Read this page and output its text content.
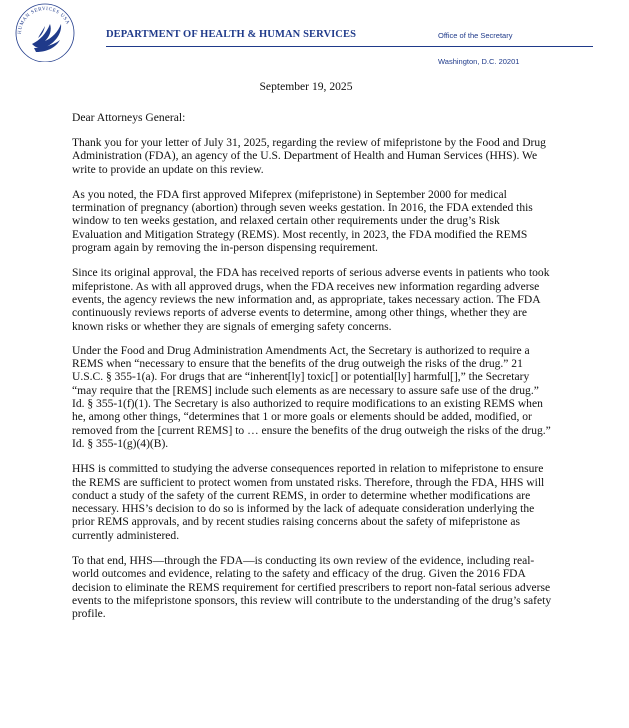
HUMAN SERVICES USA
DEPARTMENT OF HEALTH & HUMAN SERVICES	Office of the Secretary
Washington, D.C. 20201
September 19, 2025
Dear Attorneys General:

Thank you for your letter of July 31, 2025, regarding the review of mifepristone by the Food and Drug Administration (FDA), an agency of the U.S. Department of Health and Human Services (HHS). We write to provide an update on this review.

As you noted, the FDA first approved Mifeprex (mifepristone) in September 2000 for medical termination of pregnancy (abortion) through seven weeks gestation. In 2016, the FDA extended this window to ten weeks gestation, and relaxed certain other requirements under the drug’s Risk Evaluation and Mitigation Strategy (REMS). Most recently, in 2023, the FDA modified the REMS program again by removing the in-person dispensing requirement.

Since its original approval, the FDA has received reports of serious adverse events in patients who took mifepristone. As with all approved drugs, when the FDA receives new information regarding adverse events, the agency reviews the new information and, as appropriate, takes necessary action. The FDA continuously reviews reports of adverse events to determine, among other things, whether they are known risks or whether they are signals of emerging safety concerns.

Under the Food and Drug Administration Amendments Act, the Secretary is authorized to require a REMS when “necessary to ensure that the benefits of the drug outweigh the risks of the drug.” 21 U.S.C. § 355-1(a). For drugs that are “inherent[ly] toxic[] or potential[ly] harmful[],” the Secretary “may require that the [REMS] include such elements as are necessary to assure safe use of the drug.” Id. § 355-1(f)(1). The Secretary is also authorized to require modifications to an existing REMS when he, among other things, “determines that 1 or more goals or elements should be added, modified, or removed from the [current REMS] to … ensure the benefits of the drug outweigh the risks of the drug.” Id. § 355-1(g)(4)(B).

HHS is committed to studying the adverse consequences reported in relation to mifepristone to ensure the REMS are sufficient to protect women from unstated risks. Therefore, through the FDA, HHS will conduct a study of the safety of the current REMS, in order to determine whether modifications are necessary. HHS’s decision to do so is informed by the lack of adequate consideration underlying the prior REMS approvals, and by recent studies raising concerns about the safety of mifepristone as currently administered.

To that end, HHS—through the FDA—is conducting its own review of the evidence, including real-world outcomes and evidence, relating to the safety and efficacy of the drug. Given the 2016 FDA decision to eliminate the REMS requirement for certified prescribers to report non-fatal serious adverse events to the mifepristone sponsors, this review will contribute to the understanding of the drug’s safety profile.
